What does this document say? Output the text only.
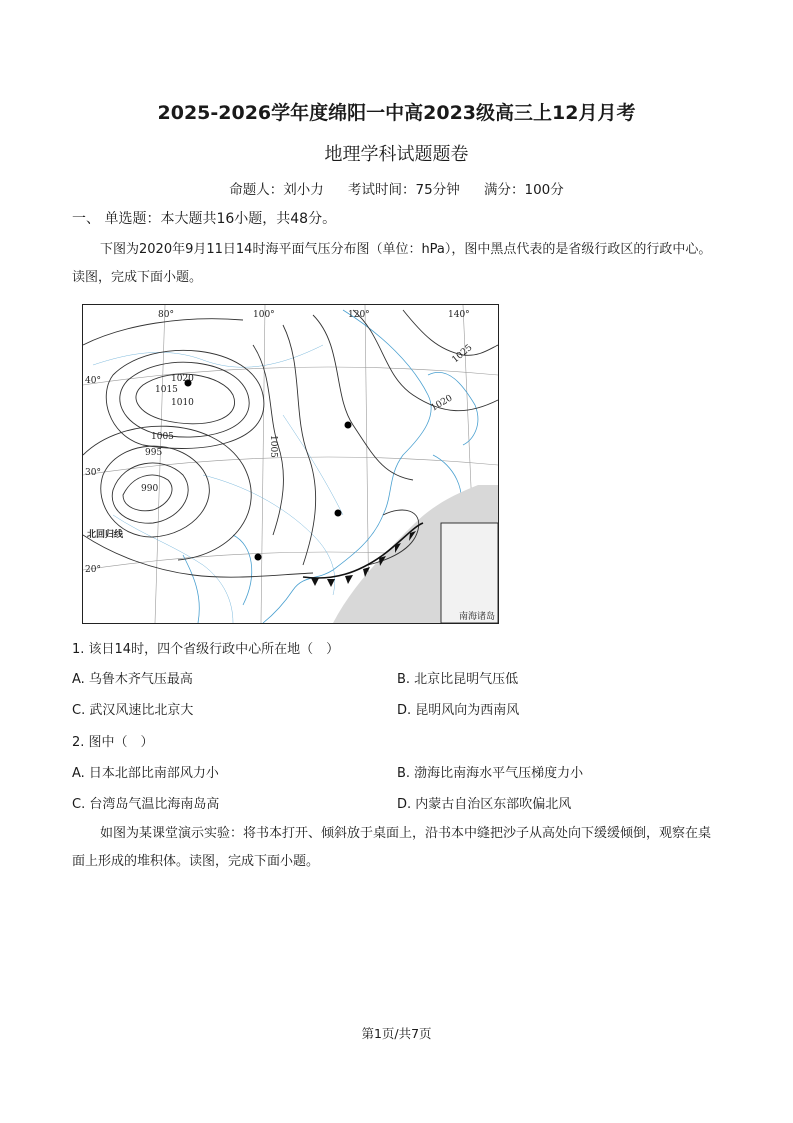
2025-2026学年度绵阳一中高2023级高三上12月月考
地理学科试题题卷
命题人：刘小力 考试时间：75分钟 满分：100分
一、 单选题：本大题共16小题，共48分。
下图为2020年9月11日14时海平面气压分布图（单位：hPa），图中黑点代表的是省级行政区的行政中心。读图，完成下面小题。
80°	100°	120°	140°
40°
30°
20°
1020
1015
1010
1005
995
990
1005
1025
1020
北回归线
南海诸岛
1. 该日14时，四个省级行政中心所在地（　）
A. 乌鲁木齐气压最高	B. 北京比昆明气压低
C. 武汉风速比北京大	D. 昆明风向为西南风
2. 图中（　）
A. 日本北部比南部风力小	B. 渤海比南海水平气压梯度力小
C. 台湾岛气温比海南岛高	D. 内蒙古自治区东部吹偏北风
如图为某课堂演示实验：将书本打开、倾斜放于桌面上，沿书本中缝把沙子从高处向下缓缓倾倒，观察在桌面上形成的堆积体。读图，完成下面小题。
第1页/共7页
